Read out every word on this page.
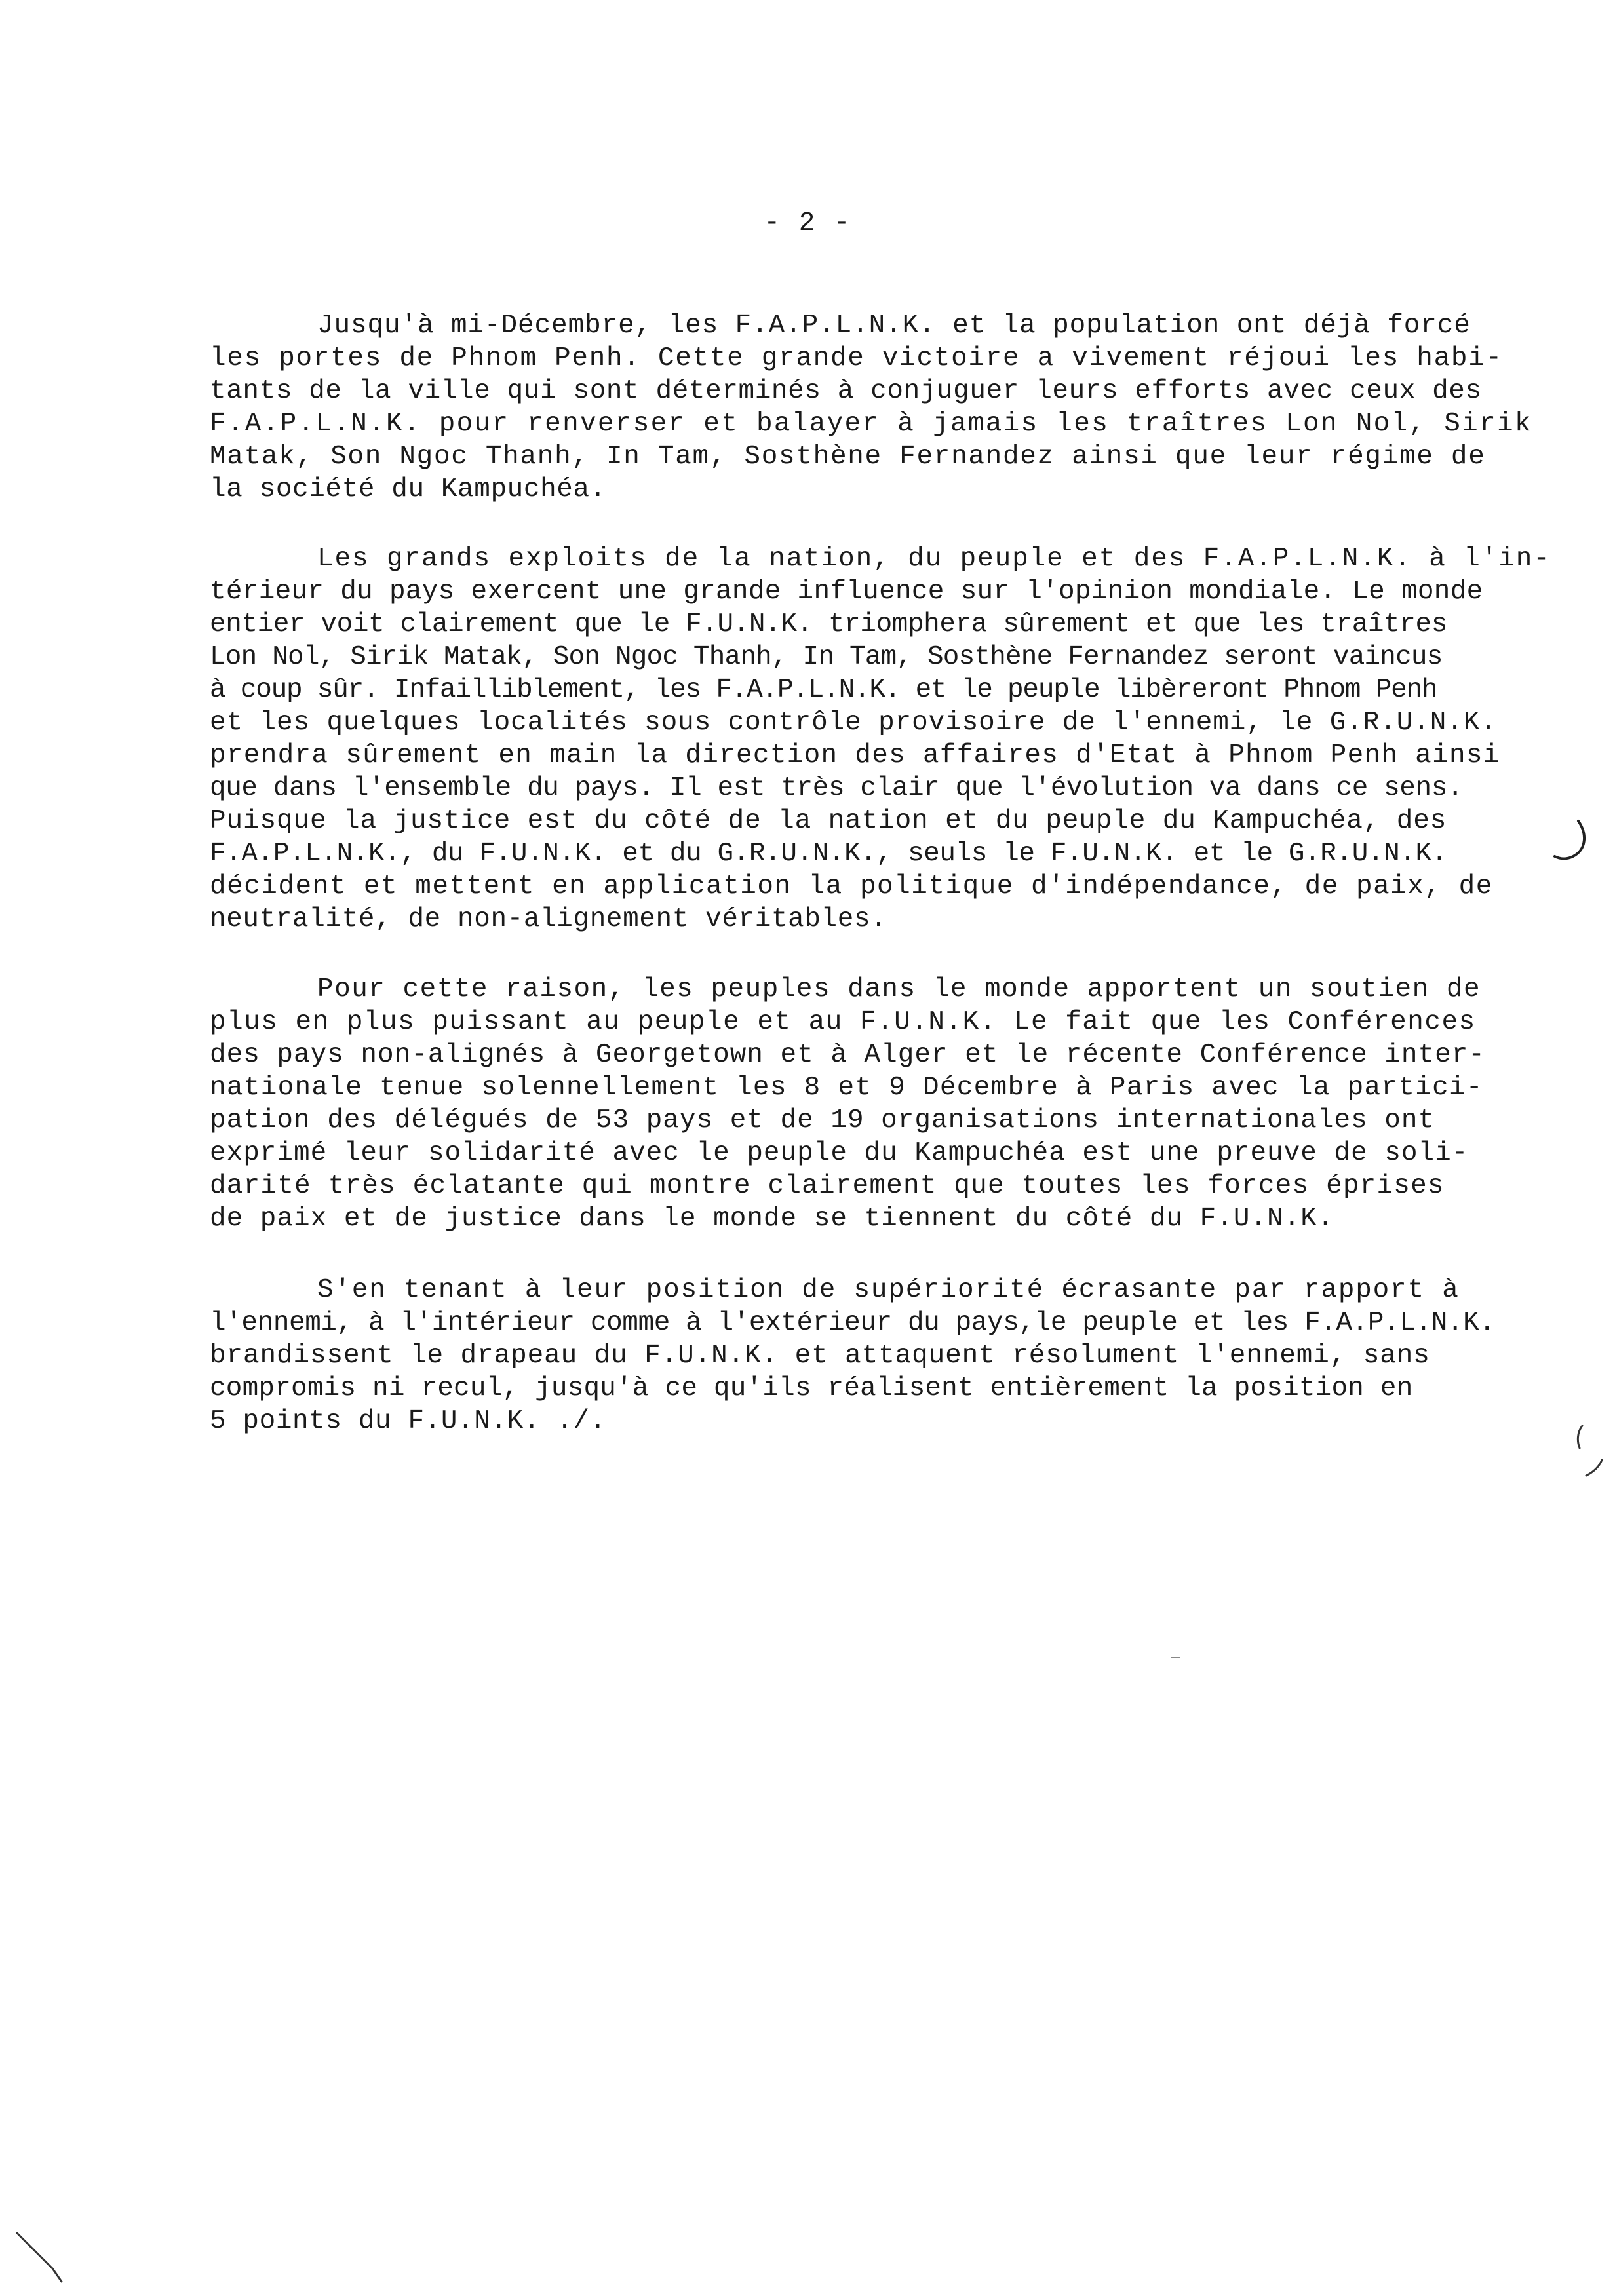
- 2 -
Jusqu'à mi-Décembre, les F.A.P.L.N.K. et la population ont déjà forcé
les portes de Phnom Penh. Cette grande victoire a vivement réjoui les habi-
tants de la ville qui sont déterminés à conjuguer leurs efforts avec ceux des
F.A.P.L.N.K. pour renverser et balayer à jamais les traîtres Lon Nol, Sirik
Matak, Son Ngoc Thanh, In Tam, Sosthène Fernandez ainsi que leur régime de
la société du Kampuchéa.
Les grands exploits de la nation, du peuple et des F.A.P.L.N.K. à l'in-
térieur du pays exercent une grande influence sur l'opinion mondiale. Le monde
entier voit clairement que le F.U.N.K. triomphera sûrement et que les traîtres
Lon Nol, Sirik Matak, Son Ngoc Thanh, In Tam, Sosthène Fernandez seront vaincus
à coup sûr. Infailliblement, les F.A.P.L.N.K. et le peuple libèreront Phnom Penh
et les quelques localités sous contrôle provisoire de l'ennemi, le G.R.U.N.K.
prendra sûrement en main la direction des affaires d'Etat à Phnom Penh ainsi
que dans l'ensemble du pays. Il est très clair que l'évolution va dans ce sens.
Puisque la justice est du côté de la nation et du peuple du Kampuchéa, des
F.A.P.L.N.K., du F.U.N.K. et du G.R.U.N.K., seuls le F.U.N.K. et le G.R.U.N.K.
décident et mettent en application la politique d'indépendance, de paix, de
neutralité, de non-alignement véritables.
Pour cette raison, les peuples dans le monde apportent un soutien de
plus en plus puissant au peuple et au F.U.N.K. Le fait que les Conférences
des pays non-alignés à Georgetown et à Alger et le récente Conférence inter-
nationale tenue solennellement les 8 et 9 Décembre à Paris avec la partici-
pation des délégués de 53 pays et de 19 organisations internationales ont
exprimé leur solidarité avec le peuple du Kampuchéa est une preuve de soli-
darité très éclatante qui montre clairement que toutes les forces éprises
de paix et de justice dans le monde se tiennent du côté du F.U.N.K.
S'en tenant à leur position de supériorité écrasante par rapport à
l'ennemi, à l'intérieur comme à l'extérieur du pays,le peuple et les F.A.P.L.N.K.
brandissent le drapeau du F.U.N.K. et attaquent résolument l'ennemi, sans
compromis ni recul, jusqu'à ce qu'ils réalisent entièrement la position en
5 points du F.U.N.K. ./.
